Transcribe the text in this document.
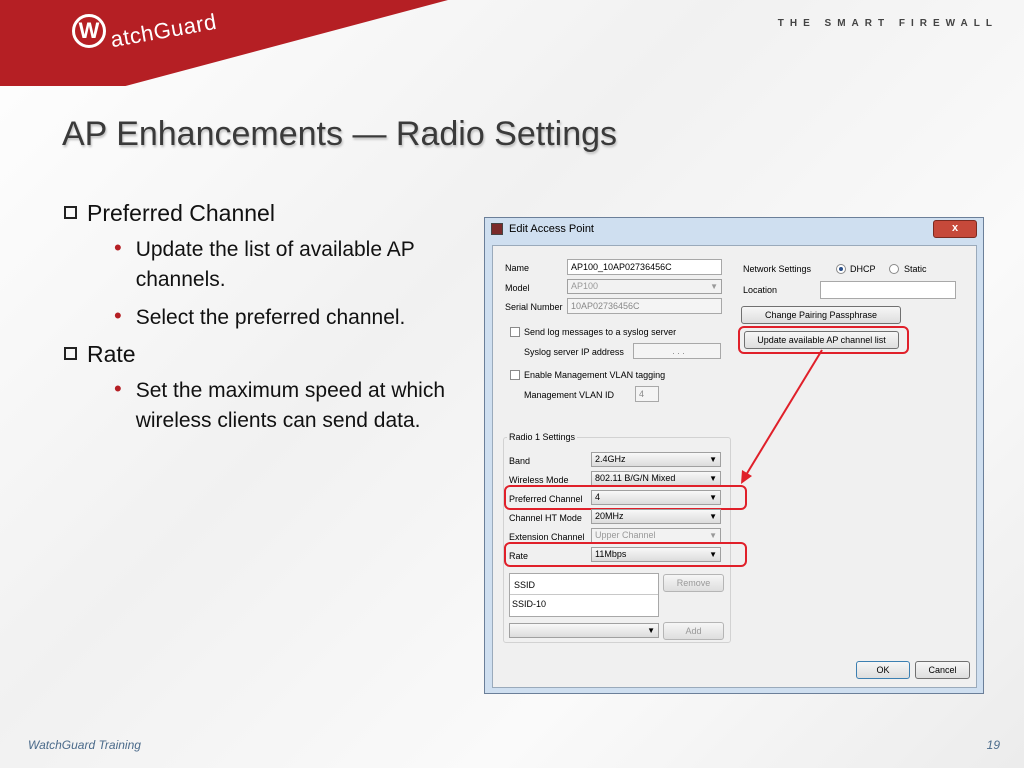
W atchGuard	THE SMART FIREWALL
AP Enhancements — Radio Settings
Preferred Channel
• Update the list of available AP channels.
• Select the preferred channel.
Rate
• Set the maximum speed at which wireless clients can send data.
WatchGuard Training	19
Edit Access Point	x
Name	AP100_10AP02736456C
Model	AP100	▼
Serial Number 10AP02736456C
Send log messages to a syslog server
Syslog server IP address	. . .
Enable Management VLAN tagging
Management VLAN ID	4
Network Settings	DHCP	Static
Location
Change Pairing Passphrase
Update available AP channel list
Radio 1 Settings
Band	2.4GHz	▼
Wireless Mode	802.11 B/G/N Mixed	▼
Preferred Channel	4	▼
Channel HT Mode	20MHz	▼
Extension Channel	Upper Channel	▼
Rate	11Mbps	▼
SSID
SSID-10
Remove
▼	Add
OK	Cancel
